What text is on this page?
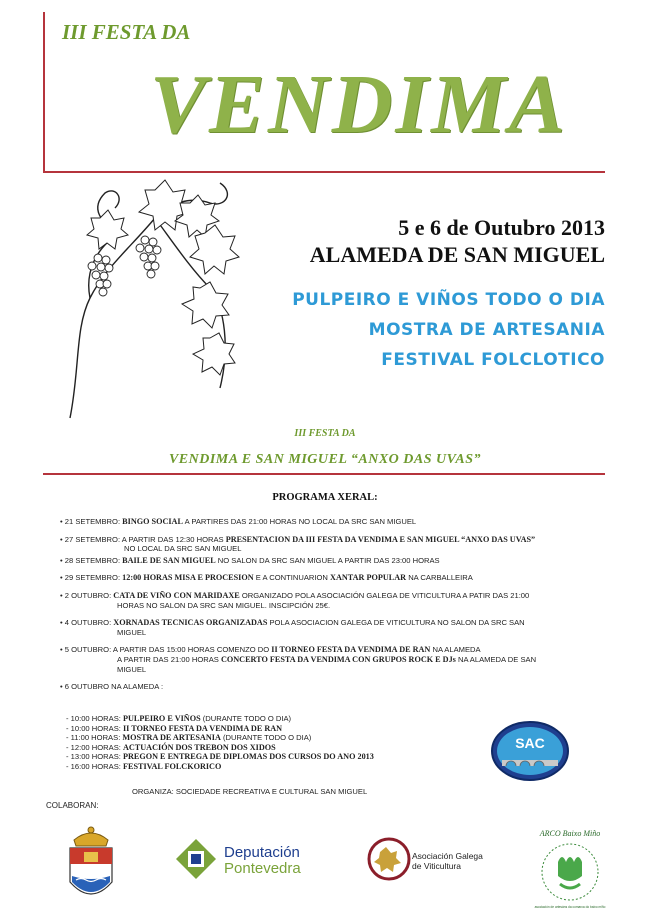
III FESTA DA
VENDIMA
5 e 6 de Outubro 2013
ALAMEDA DE SAN MIGUEL
PULPEIRO E VIÑOS TODO O DIA
MOSTRA DE ARTESANIA
FESTIVAL FOLCLOTICO
III FESTA DA
VENDIMA E SAN MIGUEL “ANXO DAS UVAS”
PROGRAMA XERAL:
• 21 SETEMBRO: BINGO SOCIAL A PARTIRES DAS 21:00 HORAS NO LOCAL DA SRC SAN MIGUEL
• 27 SETEMBRO: A PARTIR DAS 12:30 HORAS PRESENTACION DA III FESTA DA VENDIMA E SAN MIGUEL “ANXO DAS UVAS”
NO LOCAL DA SRC SAN MIGUEL
• 28 SETEMBRO: BAILE DE SAN MIGUEL NO SALON DA SRC SAN MIGUEL A PARTIR DAS 23:00 HORAS
• 29 SETEMBRO: 12:00 HORAS MISA E PROCESION E A CONTINUARION XANTAR POPULAR NA CARBALLEIRA
• 2 OUTUBRO: CATA DE VIÑO CON MARIDAXE ORGANIZADO POLA ASOCIACIÓN GALEGA DE VITICULTURA A PATIR DAS 21:00
HORAS NO SALON DA SRC SAN MIGUEL. INSCIPCIÓN 25€.
• 4 OUTUBRO: XORNADAS TECNICAS ORGANIZADAS POLA ASOCIACION GALEGA DE VITICULTURA NO SALON DA SRC SAN
MIGUEL
• 5 OUTUBRO: A PARTIR DAS 15:00 HORAS COMENZO DO II TORNEO FESTA DA VENDIMA DE RAN NA ALAMEDA
A PARTIR DAS 21:00 HORAS CONCERTO FESTA DA VENDIMA CON GRUPOS ROCK E DJs NA ALAMEDA DE SAN
MIGUEL
• 6 OUTUBRO NA ALAMEDA :
- 10:00 HORAS: PULPEIRO E VIÑOS (DURANTE TODO O DIA)
- 10:00 HORAS: II TORNEO FESTA DA VENDIMA DE RAN
- 11:00 HORAS: MOSTRA DE ARTESANIA (DURANTE TODO O DIA)
- 12:00 HORAS: ACTUACIÓN DOS TREBON DOS XIDOS
- 13:00 HORAS: PREGON E ENTREGA DE DIPLOMAS DOS CURSOS DO ANO 2013
- 16:00 HORAS: FESTIVAL FOLCKORICO
SAC
ORGANIZA: SOCIEDADE RECREATIVA E CULTURAL SAN MIGUEL
COLABORAN:
Deputación
Pontevedra
Asociación Galega
de Viticultura
ARCO Baixo Miño
asociación de artesáns da comarca do baixo miño
